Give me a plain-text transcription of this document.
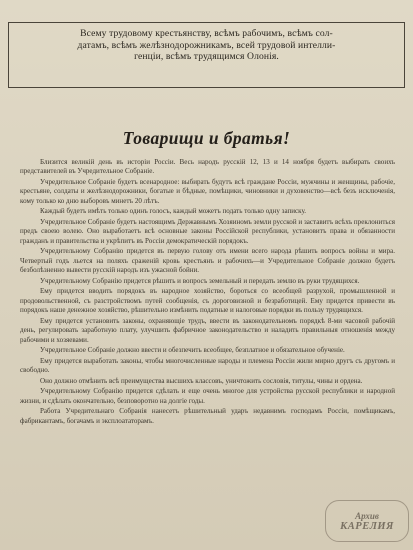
Всему трудовому крестьянству, всѣмъ рабочимъ, всѣмъ сол-

датамъ, всѣмъ желѣзнодорожникамъ, всей трудовой интелли-

генціи, всѣмъ трудящимся Олонія.

Товарищи и братья!

Близится великій день въ исторіи Россіи. Весь народъ русскій 12, 13 и 14 ноября будетъ выбирать своихъ представителей въ Учредительное Собраніе.

Учредительное Собраніе будетъ всенародное: выбирать будутъ всѣ граждане Россіи, мужчины и женщины, рабочіе, крестьяне, солдаты и желѣзнодорожники, богатые и бѣдные, помѣщики, чиновники и духовенство—всѣ безъ исключенія, кому только ко дню выборовъ минетъ 20 лѣтъ.

Каждый будетъ имѣть только одинъ голосъ, каждый можетъ подать только одну записку.

Учредительное Собраніе будетъ настоящимъ Державнымъ Хозяиномъ земли русской и заставитъ всѣхъ преклониться предъ своею волею. Оно выработаетъ всѣ основные законы Россійской республики, установитъ права и обязанности гражданъ и правительства и укрѣпитъ въ Россіи демократическій порядокъ.

Учредительному Собранію придется въ первую голову отъ имени всего народа рѣшить вопросъ войны и мира. Четвертый годъ льется на поляхъ сраженій кровь крестьянъ и рабочихъ—и Учредительное Собраніе должно будетъ безболѣзненно вывести русскій народъ изъ ужасной бойни.

Учредительному Собранію придется рѣшить и вопросъ земельный и передать землю въ руки трудящихся.

Ему придется вводить порядокъ въ народное хозяйство, бороться со всеобщей разрухой, промышленной и продовольственной, съ разстройствомъ путей сообщенія, съ дороговизной и безработицей. Ему придется привести въ порядокъ наше денежное хозяйство, рѣшительно измѣнить податные и налоговые порядки въ пользу трудящихся.

Ему придется установить законы, охраняющіе трудъ, ввести въ законодательномъ порядкѣ 8-ми часовой рабочій день, регулировать заработную плату, улучшить фабричное законодательство и наладить правильныя отношенія между рабочими и хозяевами.

Учредительное Собраніе должно ввести и обезпечить всеобщее, безплатное и обязательное обученіе.

Ему придется выработать законы, чтобы многочисленные народы и племена Россіи жили мирно другъ съ другомъ и свободно.

Оно должно отмѣнить всѣ преимущества высшихъ классовъ, уничтожить сословія, титулы, чины и ордена.

Учредительному Собранію придется сдѣлать и еще очень многое для устройства русской республики и народной жизни, и сдѣлать окончательно, безповоротно на долгіе годы.

Работа Учредительнаго Собранія нанесетъ рѣшительный ударъ недавнимъ господамъ Россіи, помѣщикамъ, фабрикантамъ, богачамъ и эксплоататорамъ.

Архив
КАРЕЛИЯ
